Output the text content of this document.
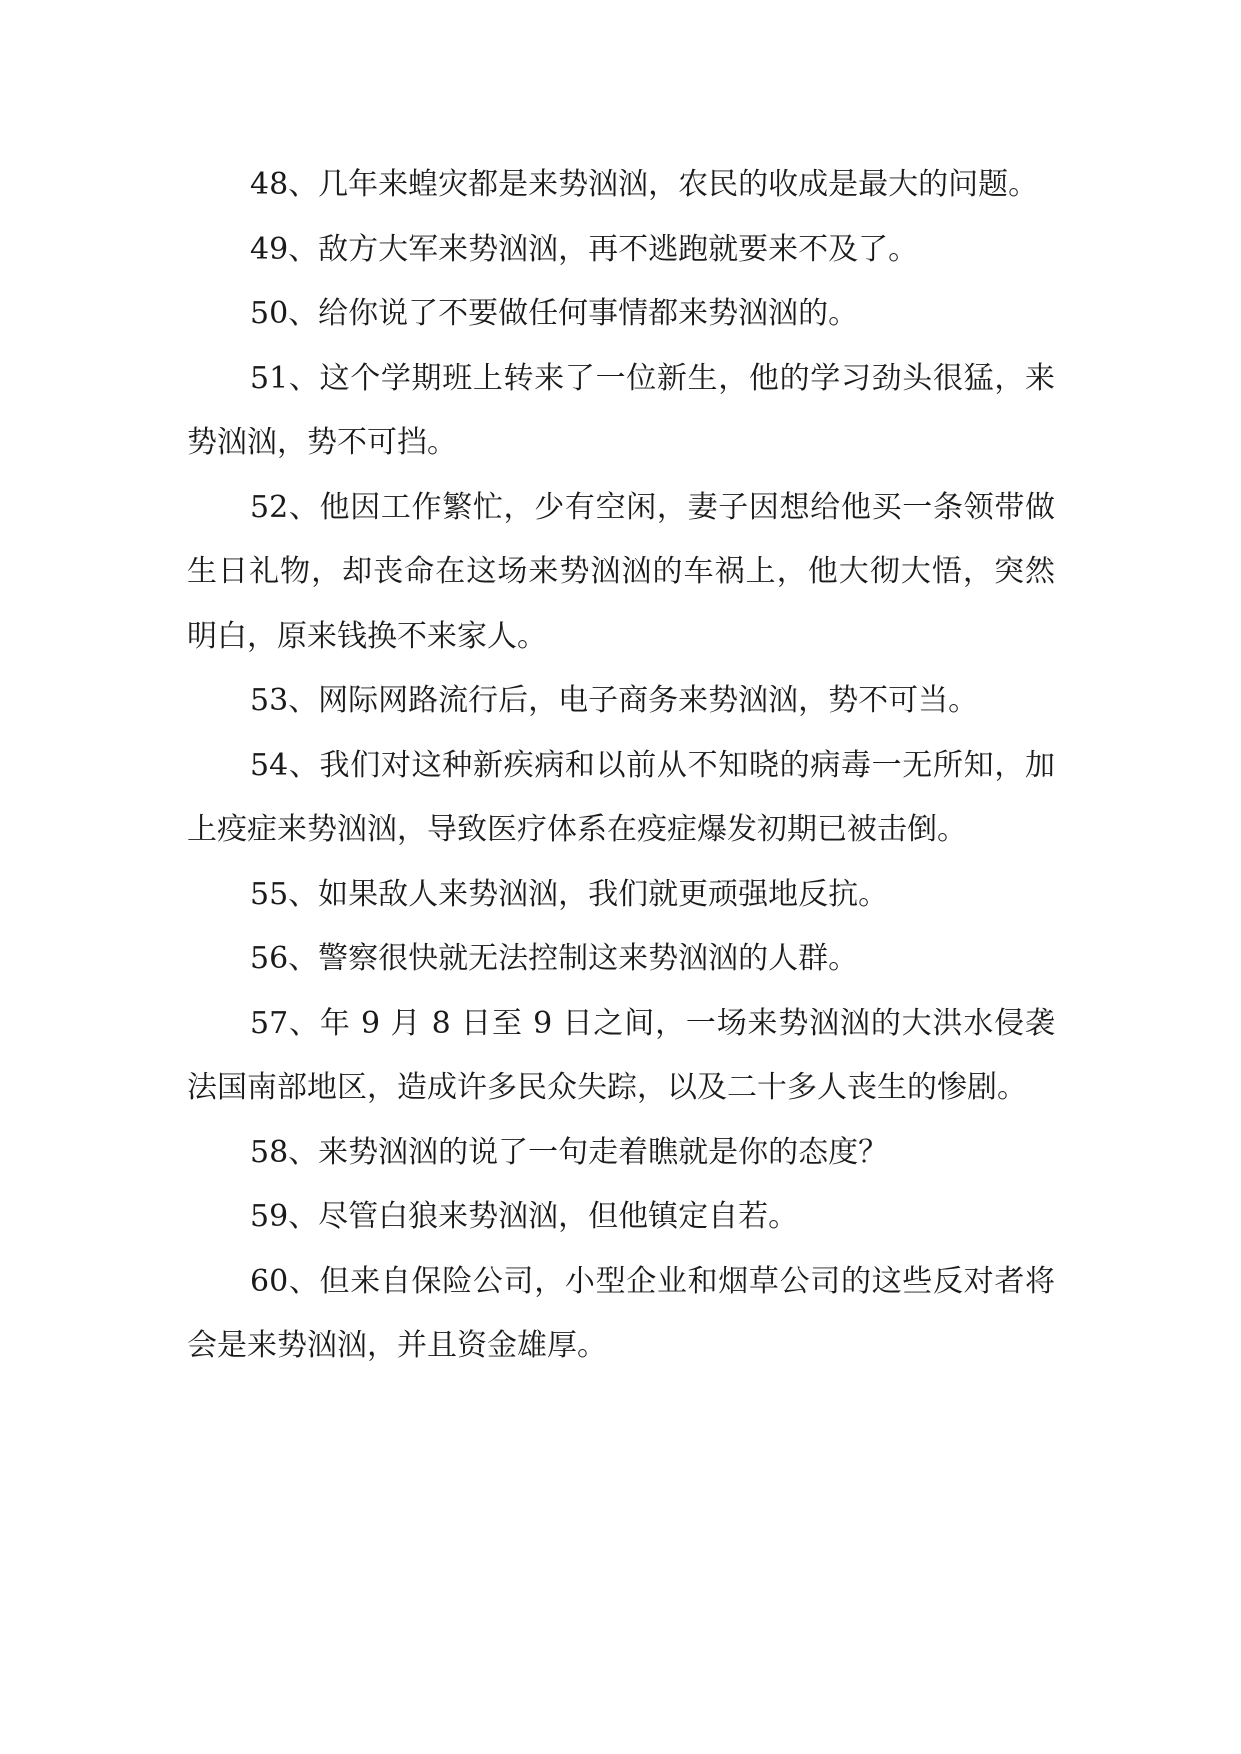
48、几年来蝗灾都是来势汹汹，农民的收成是最大的问题。

49、敌方大军来势汹汹，再不逃跑就要来不及了。

50、给你说了不要做任何事情都来势汹汹的。

51、这个学期班上转来了一位新生，他的学习劲头很猛，来势汹汹，势不可挡。

52、他因工作繁忙，少有空闲，妻子因想给他买一条领带做生日礼物，却丧命在这场来势汹汹的车祸上，他大彻大悟，突然明白，原来钱换不来家人。

53、网际网路流行后，电子商务来势汹汹，势不可当。

54、我们对这种新疾病和以前从不知晓的病毒一无所知，加上疫症来势汹汹，导致医疗体系在疫症爆发初期已被击倒。

55、如果敌人来势汹汹，我们就更顽强地反抗。

56、警察很快就无法控制这来势汹汹的人群。

57、年 9 月 8 日至 9 日之间，一场来势汹汹的大洪水侵袭法国南部地区，造成许多民众失踪，以及二十多人丧生的惨剧。

58、来势汹汹的说了一句走着瞧就是你的态度？

59、尽管白狼来势汹汹，但他镇定自若。

60、但来自保险公司，小型企业和烟草公司的这些反对者将会是来势汹汹，并且资金雄厚。
